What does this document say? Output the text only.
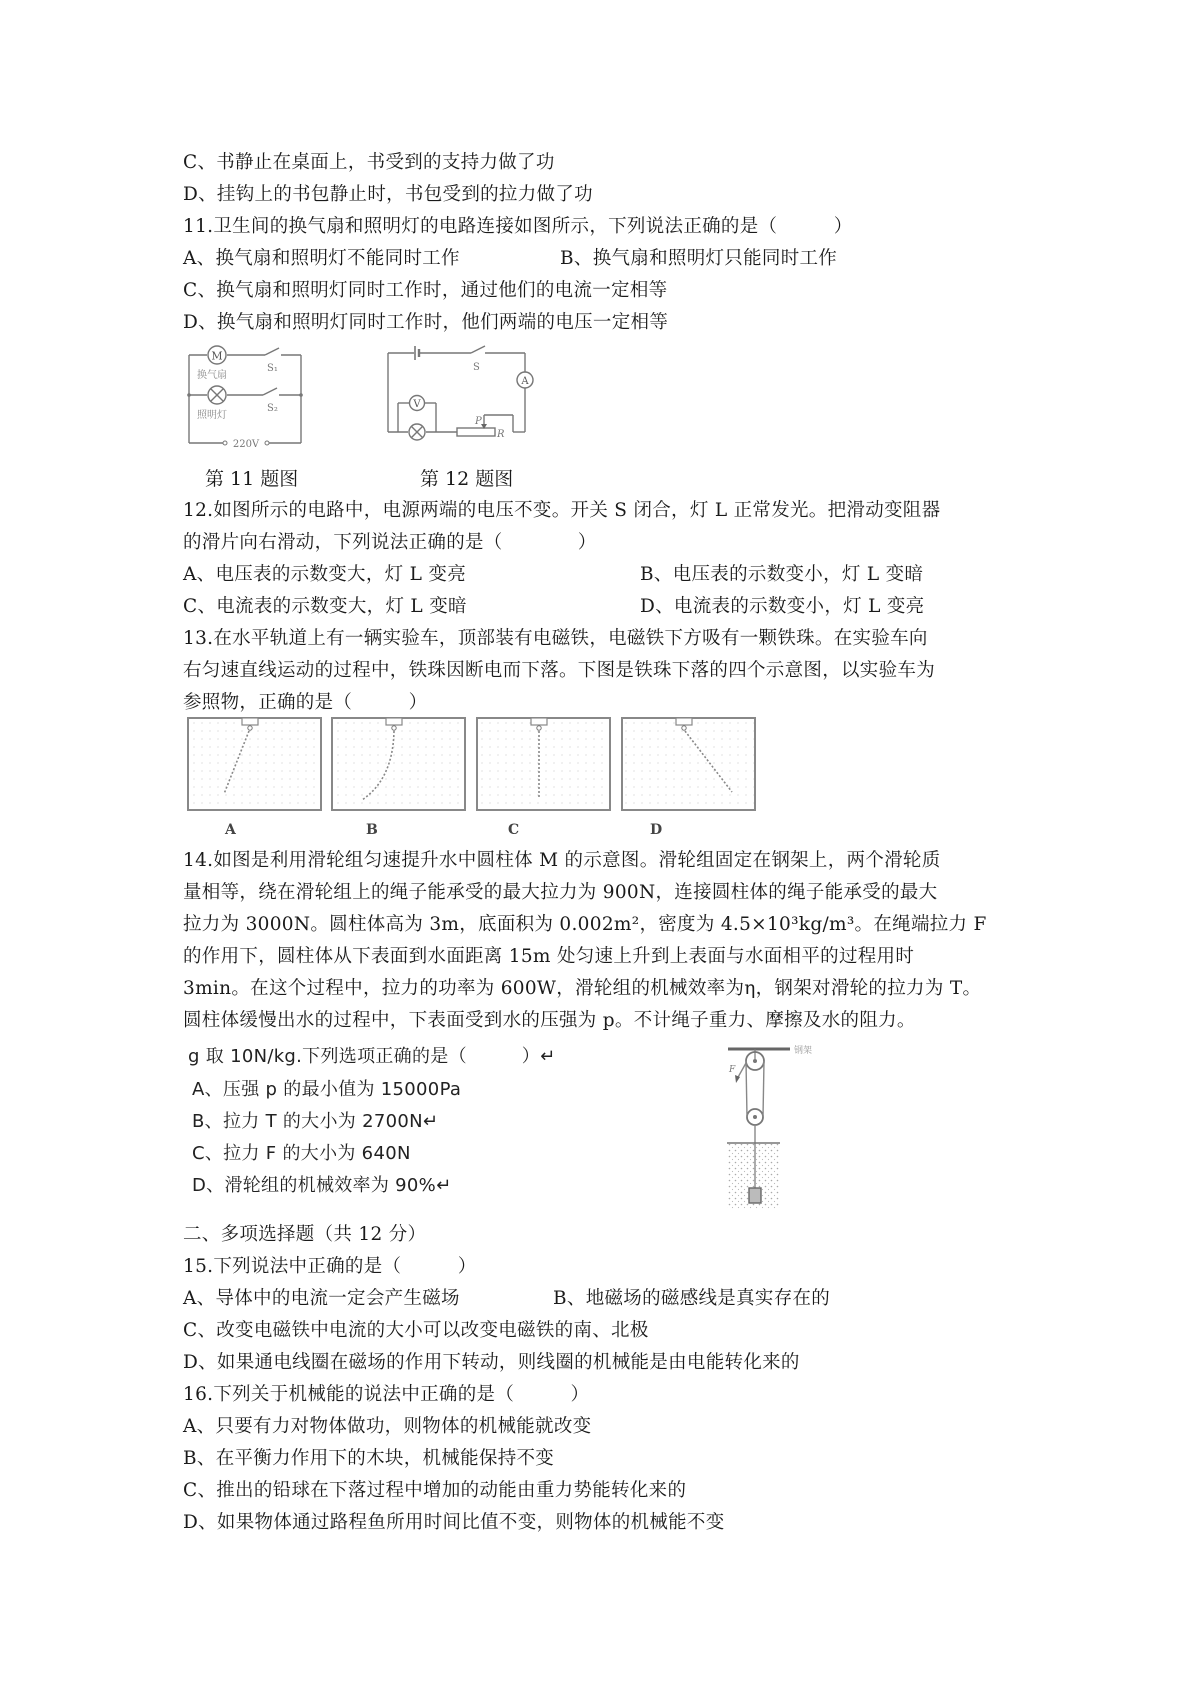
C、书静止在桌面上，书受到的支持力做了功
D、挂钩上的书包静止时，书包受到的拉力做了功
11.卫生间的换气扇和照明灯的电路连接如图所示，下列说法正确的是（　　　）
A、换气扇和照明灯不能同时工作	B、换气扇和照明灯只能同时工作
C、换气扇和照明灯同时工作时，通过他们的电流一定相等
D、换气扇和照明灯同时工作时，他们两端的电压一定相等
M
换气扇
照明灯
S₁
S₂
220V
A
V
P
R
S
第 11 题图	第 12 题图
12.如图所示的电路中，电源两端的电压不变。开关 S 闭合，灯 L 正常发光。把滑动变阻器
的滑片向右滑动，下列说法正确的是（　　　　）
A、电压表的示数变大，灯 L 变亮	B、电压表的示数变小，灯 L 变暗
C、电流表的示数变大，灯 L 变暗	D、电流表的示数变小，灯 L 变亮
13.在水平轨道上有一辆实验车，顶部装有电磁铁，电磁铁下方吸有一颗铁珠。在实验车向
右匀速直线运动的过程中，铁珠因断电而下落。下图是铁珠下落的四个示意图，以实验车为
参照物，正确的是（　　　）
A	B	C	D
14.如图是利用滑轮组匀速提升水中圆柱体 M 的示意图。滑轮组固定在钢架上，两个滑轮质
量相等，绕在滑轮组上的绳子能承受的最大拉力为 900N，连接圆柱体的绳子能承受的最大
拉力为 3000N。圆柱体高为 3m，底面积为 0.002m²，密度为 4.5×10³kg/m³。在绳端拉力 F
的作用下，圆柱体从下表面到水面距离 15m 处匀速上升到上表面与水面相平的过程用时
3min。在这个过程中，拉力的功率为 600W，滑轮组的机械效率为η，钢架对滑轮的拉力为 T。
圆柱体缓慢出水的过程中，下表面受到水的压强为 p。不计绳子重力、摩擦及水的阻力。
g 取 10N/kg.下列选项正确的是（　　　）↵
A、压强 p 的最小值为 15000Pa
B、拉力 T 的大小为 2700N↵
C、拉力 F 的大小为 640N
D、滑轮组的机械效率为 90%↵
钢架
F
二、多项选择题（共 12 分）
15.下列说法中正确的是（　　　）
A、导体中的电流一定会产生磁场	B、地磁场的磁感线是真实存在的
C、改变电磁铁中电流的大小可以改变电磁铁的南、北极
D、如果通电线圈在磁场的作用下转动，则线圈的机械能是由电能转化来的
16.下列关于机械能的说法中正确的是（　　　）
A、只要有力对物体做功，则物体的机械能就改变
B、在平衡力作用下的木块，机械能保持不变
C、推出的铅球在下落过程中增加的动能由重力势能转化来的
D、如果物体通过路程鱼所用时间比值不变，则物体的机械能不变
